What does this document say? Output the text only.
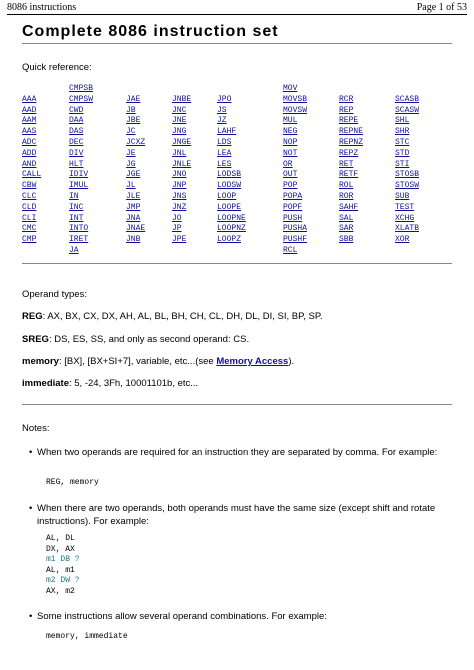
8086 instructions	Page 1 of 53
Complete 8086 instruction set
Quick reference:
AAA
AAD
AAM
AAS
ADC
ADD
AND
CALL
CBW
CLC
CLD
CLI
CMC
CMP
CMPSB
CMPSW
CWD
DAA
DAS
DEC
DIV
HLT
IDIV
IMUL
IN
INC
INT
INTO
IRET
JA
JAE
JB
JBE
JC
JCXZ
JE
JG
JGE
JL
JLE
JMP
JNA
JNAE
JNB
JNBE
JNC
JNE
JNG
JNGE
JNL
JNLE
JNO
JNP
JNS
JNZ
JO
JP
JPE
JPO
JS
JZ
LAHF
LDS
LEA
LES
LODSB
LODSW
LOOP
LOOPE
LOOPNE
LOOPNZ
LOOPZ
MOV
MOVSB
MOVSW
MUL
NEG
NOP
NOT
OR
OUT
POP
POPA
POPF
PUSH
PUSHA
PUSHF
RCL
RCR
REP
REPE
REPNE
REPNZ
REPZ
RET
RETF
ROL
ROR
SAHF
SAL
SAR
SBB
SCASB
SCASW
SHL
SHR
STC
STD
STI
STOSB
STOSW
SUB
TEST
XCHG
XLATB
XOR
Operand types:
REG: AX, BX, CX, DX, AH, AL, BL, BH, CH, CL, DH, DL, DI, SI, BP, SP.
SREG: DS, ES, SS, and only as second operand: CS.
memory: [BX], [BX+SI+7], variable, etc...(see Memory Access).
immediate: 5, -24, 3Fh, 10001101b, etc...
Notes:
• When two operands are required for an instruction they are separated by comma. For example:
REG, memory
• When there are two operands, both operands must have the same size (except shift and rotate instructions). For example:
AL, DL
DX, AX
m1 DB ?
AL, m1
m2 DW ?
AX, m2
• Some instructions allow several operand combinations. For example:
memory, immediate
